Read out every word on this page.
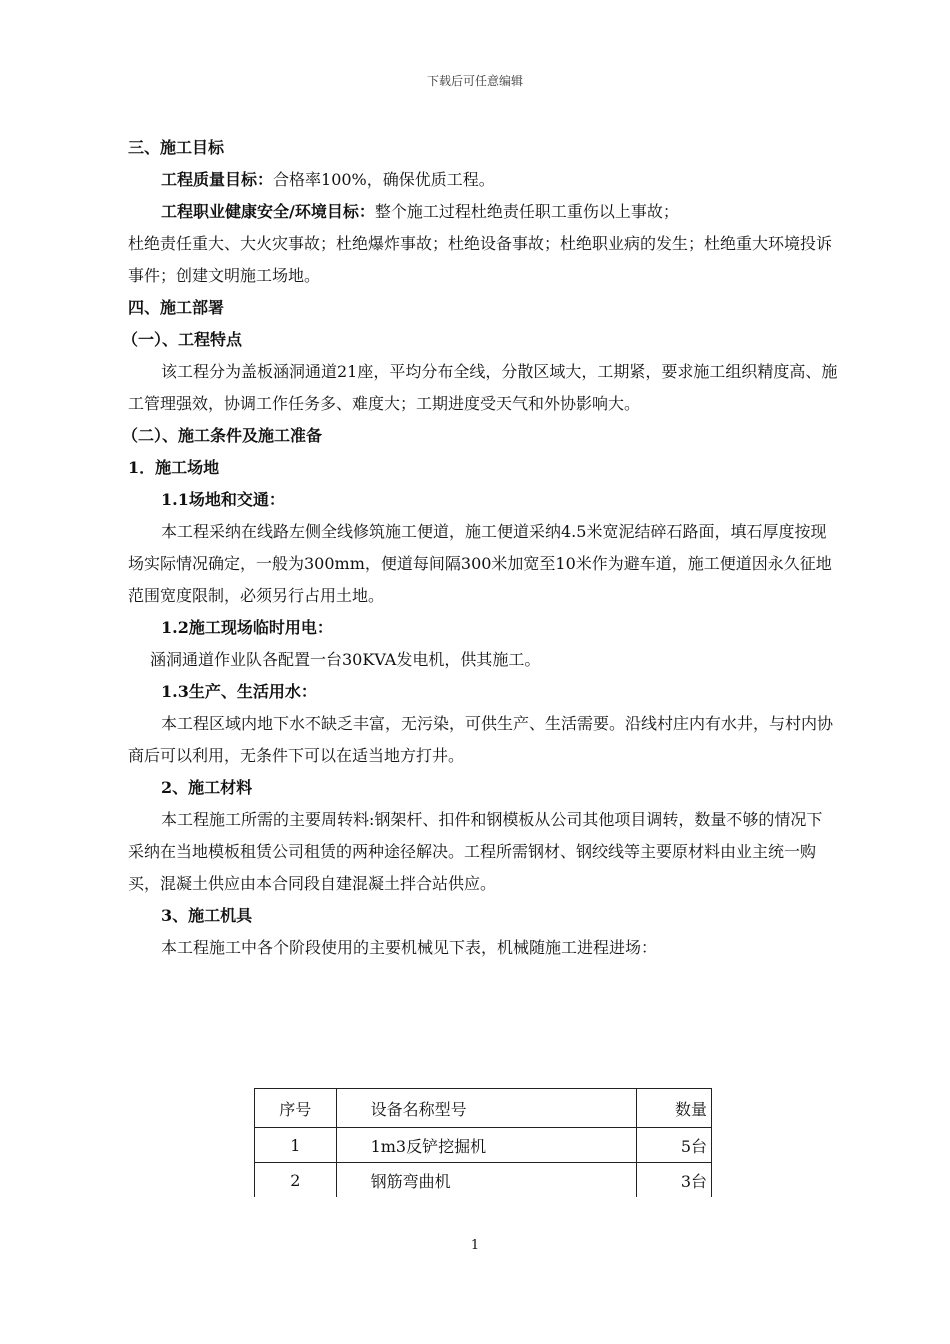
下载后可任意编辑

三、施工目标

工程质量目标：合格率100%，确保优质工程。

工程职业健康安全/环境目标：整个施工过程杜绝责任职工重伤以上事故；

杜绝责任重大、大火灾事故；杜绝爆炸事故；杜绝设备事故；杜绝职业病的发生；杜绝重大环境投诉事件；创建文明施工场地。

四、施工部署

（一）、工程特点

该工程分为盖板涵洞通道21座，平均分布全线，分散区域大，工期紧，要求施工组织精度高、施工管理强效，协调工作任务多、难度大；工期进度受天气和外协影响大。

（二）、施工条件及施工准备

1．施工场地

1.1场地和交通：

本工程采纳在线路左侧全线修筑施工便道，施工便道采纳4.5米宽泥结碎石路面，填石厚度按现场实际情况确定，一般为300mm，便道每间隔300米加宽至10米作为避车道，施工便道因永久征地范围宽度限制，必须另行占用土地。

1.2施工现场临时用电：

涵洞通道作业队各配置一台30KVA发电机，供其施工。

1.3生产、生活用水：

本工程区域内地下水不缺乏丰富，无污染，可供生产、生活需要。沿线村庄内有水井，与村内协商后可以利用，无条件下可以在适当地方打井。

2、施工材料

本工程施工所需的主要周转料:钢架杆、扣件和钢模板从公司其他项目调转，数量不够的情况下采纳在当地模板租赁公司租赁的两种途径解决。工程所需钢材、钢绞线等主要原材料由业主统一购买，混凝土供应由本合同段自建混凝土拌合站供应。

3、施工机具

本工程施工中各个阶段使用的主要机械见下表，机械随施工进程进场：

序号	设备名称型号	数量
1	1m3反铲挖掘机	5台
2	钢筋弯曲机	3台
1
